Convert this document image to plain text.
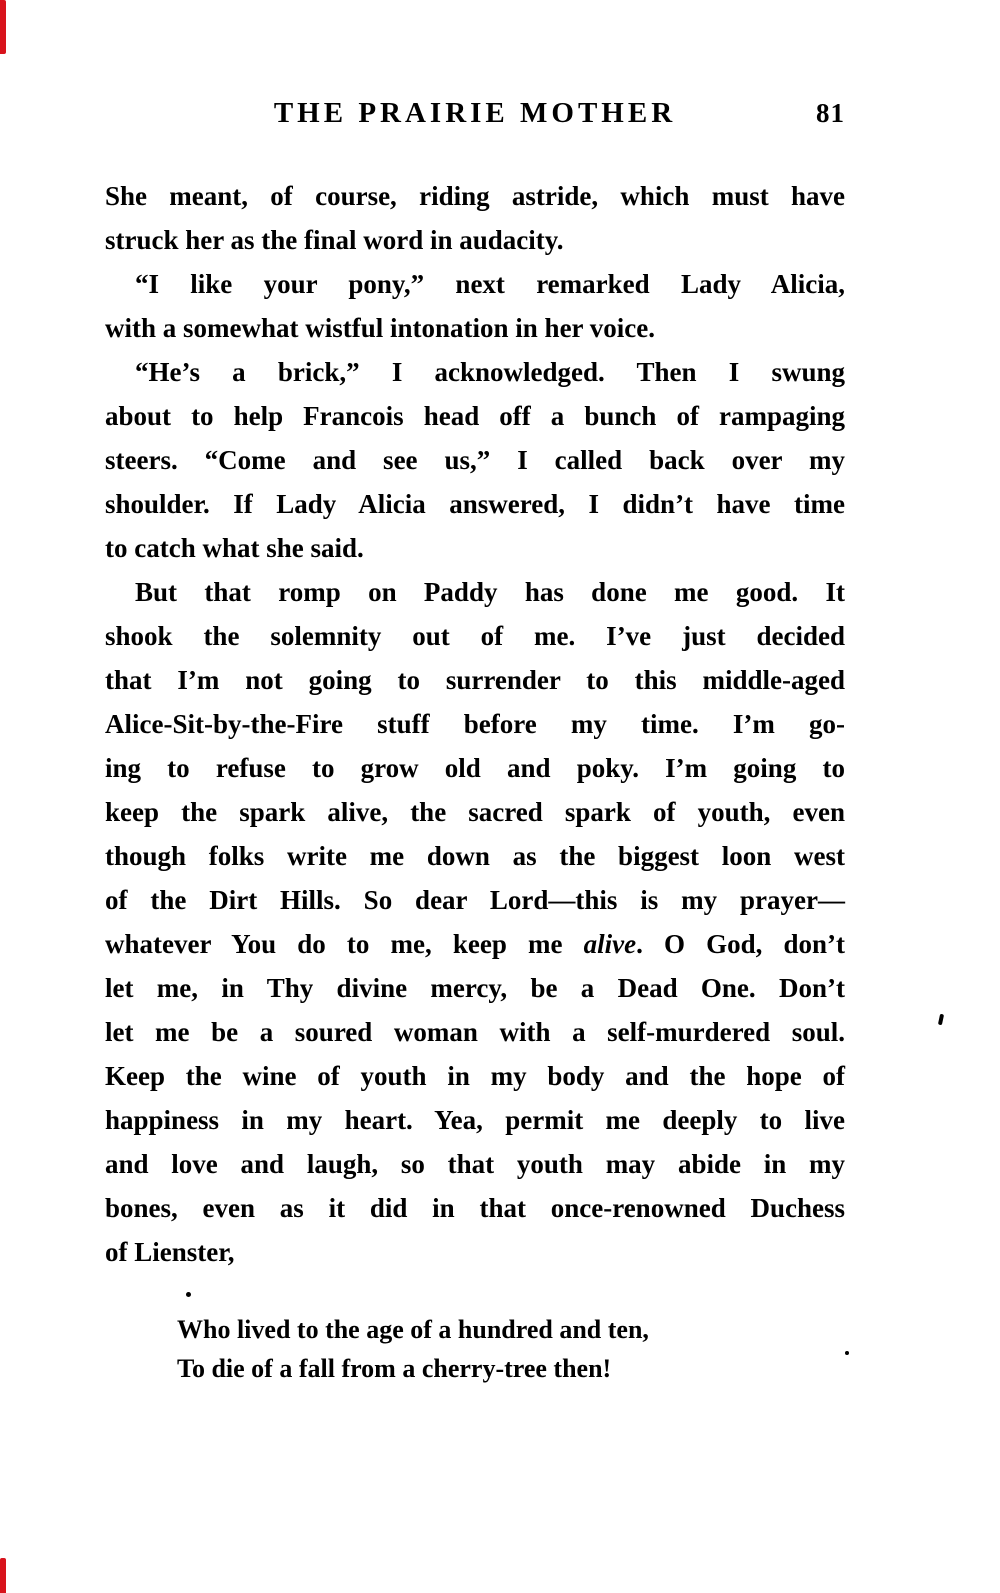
THE PRAIRIE MOTHER	81
She meant, of course, riding astride, which must have
struck her as the final word in audacity.
“I like your pony,” next remarked Lady Alicia,
with a somewhat wistful intonation in her voice.
“He’s a brick,” I acknowledged. Then I swung
about to help Francois head off a bunch of rampaging
steers. “Come and see us,” I called back over my
shoulder. If Lady Alicia answered, I didn’t have time
to catch what she said.
But that romp on Paddy has done me good. It
shook the solemnity out of me. I’ve just decided
that I’m not going to surrender to this middle-aged
Alice-Sit-by-the-Fire stuff before my time. I’m go-
ing to refuse to grow old and poky. I’m going to
keep the spark alive, the sacred spark of youth, even
though folks write me down as the biggest loon west
of the Dirt Hills. So dear Lord—this is my prayer—
whatever You do to me, keep me alive. O God, don’t
let me, in Thy divine mercy, be a Dead One. Don’t
let me be a soured woman with a self-murdered soul.
Keep the wine of youth in my body and the hope of
happiness in my heart. Yea, permit me deeply to live
and love and laugh, so that youth may abide in my
bones, even as it did in that once-renowned Duchess
of Lienster,
Who lived to the age of a hundred and ten,
To die of a fall from a cherry-tree then!
